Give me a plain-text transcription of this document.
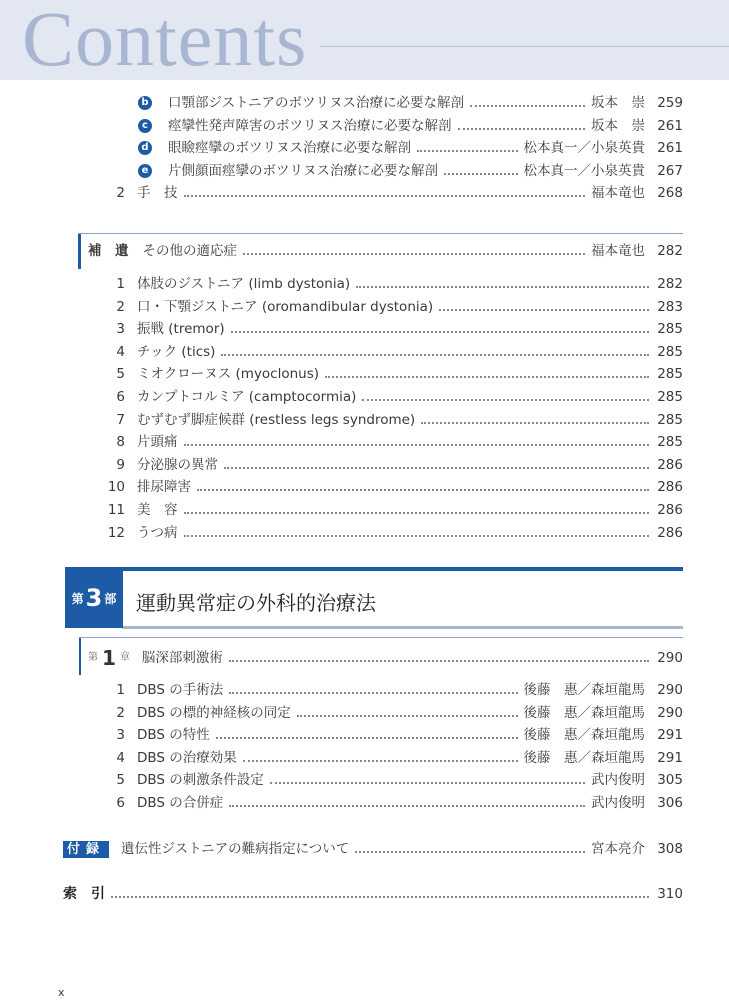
Contents
補　遺 その他の適応症	福本竜也 282
第 3 部 運動異常症の外科的治療法
第 1 章 脳深部刺激術	290
付録 遺伝性ジストニアの難病指定について	宮本亮介 308
索　引	310
x
b 口顎部ジストニアのボツリヌス治療に必要な解剖	坂本　崇 259
c 痙攣性発声障害のボツリヌス治療に必要な解剖	坂本　崇 261
d 眼瞼痙攣のボツリヌス治療に必要な解剖	松本真一／小泉英貴 261
e 片側顔面痙攣のボツリヌス治療に必要な解剖	松本真一／小泉英貴 267
2 手　技	福本竜也 268
1 体肢のジストニア (limb dystonia)	282
2 口・下顎ジストニア (oromandibular dystonia)	283
3 振戦 (tremor)	285
4 チック (tics)	285
5 ミオクローヌス (myoclonus)	285
6 カンプトコルミア (camptocormia)	285
7 むずむず脚症候群 (restless legs syndrome)	285
8 片頭痛	285
9 分泌腺の異常	286
10 排尿障害	286
11 美　容	286
12 うつ病	286
1 DBS の手術法	後藤　惠／森垣龍馬 290
2 DBS の標的神経核の同定	後藤　惠／森垣龍馬 290
3 DBS の特性	後藤　惠／森垣龍馬 291
4 DBS の治療効果	後藤　惠／森垣龍馬 291
5 DBS の刺激条件設定	武内俊明 305
6 DBS の合併症	武内俊明 306
